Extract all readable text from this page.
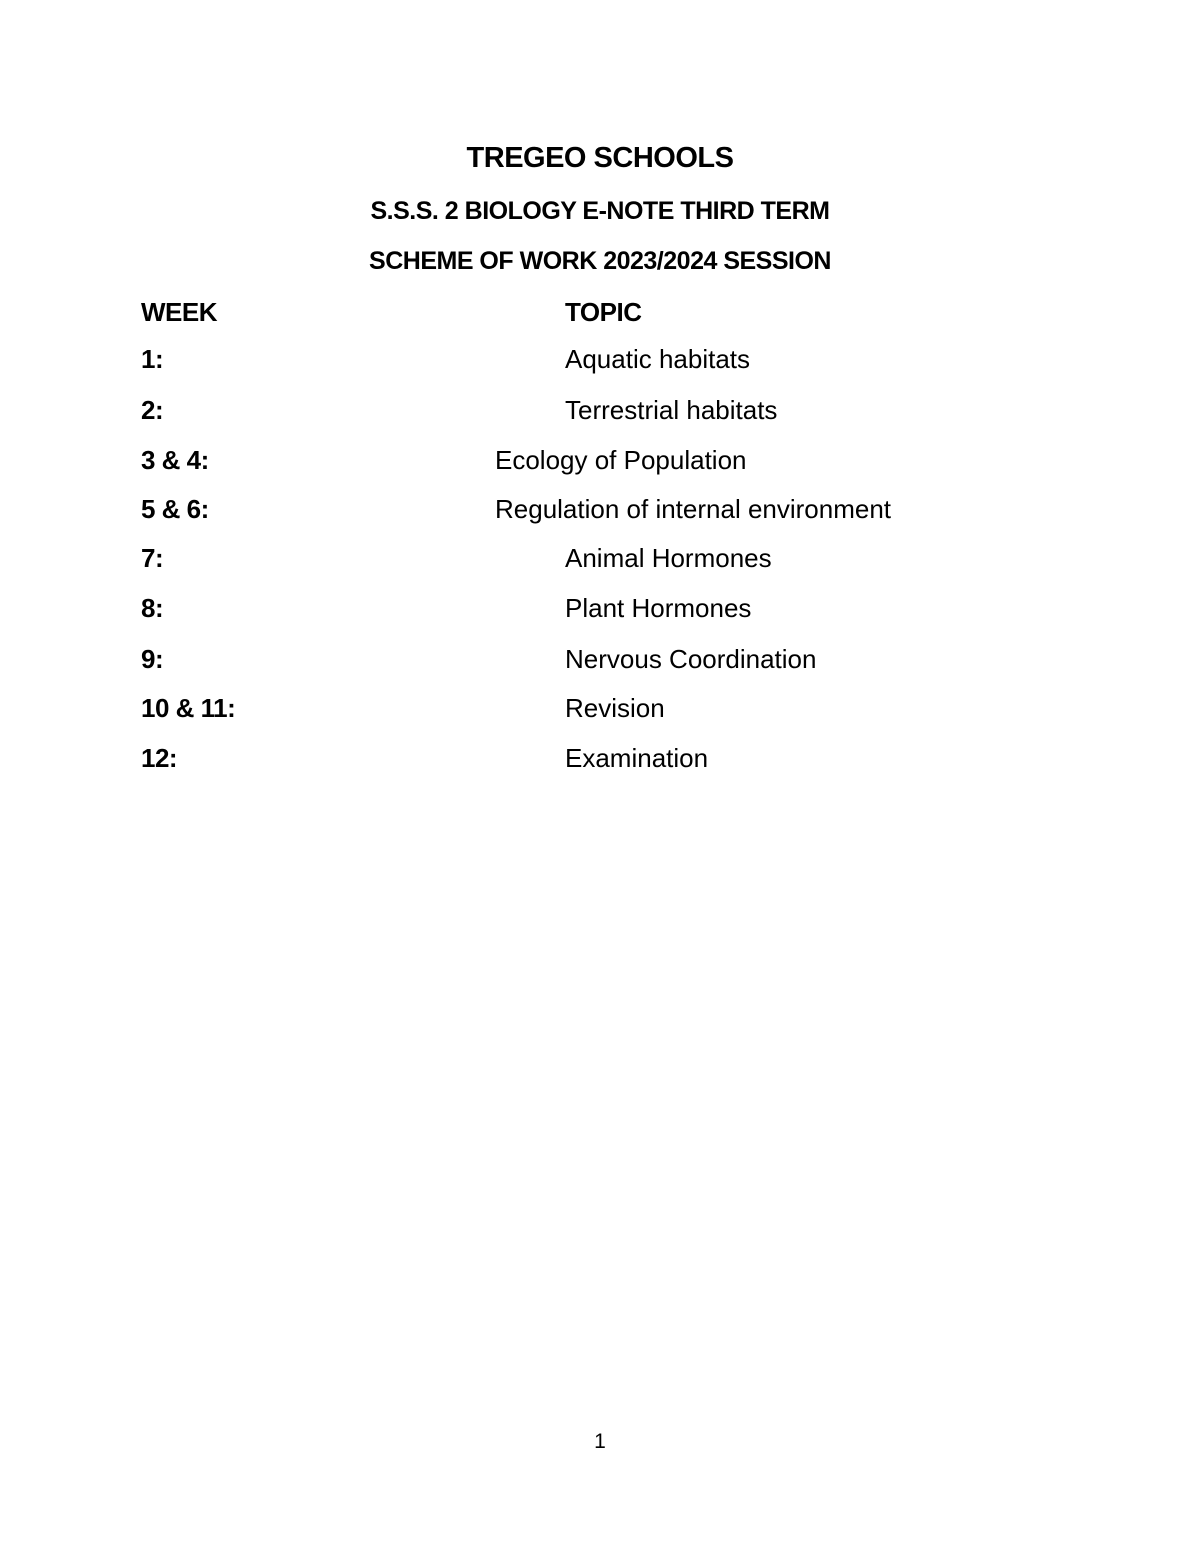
TREGEO SCHOOLS
S.S.S. 2 BIOLOGY E-NOTE THIRD TERM
SCHEME OF WORK 2023/2024 SESSION
WEEK	TOPIC
1:	Aquatic habitats
2:	Terrestrial habitats
3 & 4:	Ecology of Population
5 & 6:	Regulation of internal environment
7:	Animal Hormones
8:	Plant Hormones
9:	Nervous Coordination
10 & 11:	Revision
12:	Examination
1
